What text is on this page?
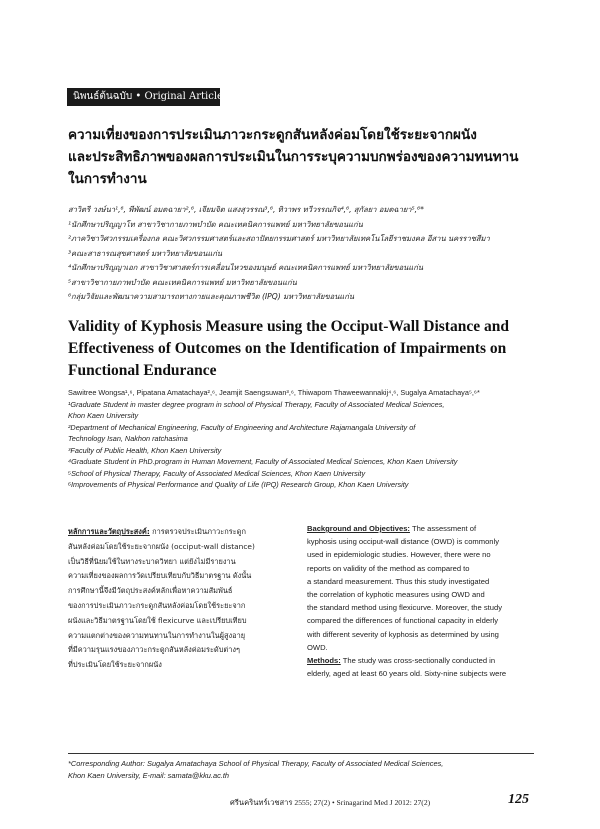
นิพนธ์ต้นฉบับ • Original Article
ความเที่ยงของการประเมินภาวะกระดูกสันหลังค่อมโดยใช้ระยะจากผนัง
และประสิทธิภาพของผลการประเมินในการระบุความบกพร่องของความทนทาน
ในการทำงาน
สาวิตรี วงษ์นา¹,⁶, พีพัฒน์ อมตฉายา²,⁶, เจียมจิต แสงสุวรรณ³,⁶, ทิวาพร ทวีวรรณกิจ⁴,⁶, สุกัลยา อมตฉายา⁵,⁶*
¹นักศึกษาปริญญาโท สาขาวิชากายภาพบำบัด คณะเทคนิคการแพทย์ มหาวิทยาลัยขอนแก่น
²ภาควิชาวิศวกรรมเครื่องกล คณะวิศวกรรมศาสตร์และสถาปัตยกรรมศาสตร์ มหาวิทยาลัยเทคโนโลยีราชมงคล อีสาน นครราชสีมา
³คณะสาธารณสุขศาสตร์ มหาวิทยาลัยขอนแก่น
⁴นักศึกษาปริญญาเอก สาขาวิชาศาสตร์การเคลื่อนไหวของมนุษย์ คณะเทคนิคการแพทย์ มหาวิทยาลัยขอนแก่น
⁵สาขาวิชากายภาพบำบัด คณะเทคนิคการแพทย์ มหาวิทยาลัยขอนแก่น
⁶กลุ่มวิจัยและพัฒนาความสามารถทางกายและคุณภาพชีวิต (IPQ) มหาวิทยาลัยขอนแก่น
Validity of Kyphosis Measure using the Occiput-Wall Distance and
Effectiveness of Outcomes on the Identification of Impairments on
Functional Endurance
Sawitree Wongsa¹,⁶, Pipatana Amatachaya²,⁶, Jeamjit Saengsuwan³,⁶, Thiwaporn Thaweewannakij⁴,⁶, Sugalya Amatachaya⁵,⁶*
¹Graduate Student in master degree program in school of Physical Therapy, Faculty of Associated Medical Sciences,
Khon Kaen University
²Department of Mechanical Engineering, Faculty of Engineering and Architecture Rajamangala University of
Technology Isan, Nakhon ratchasima
³Faculty of Public Health, Khon Kaen University
⁴Graduate Student in PhD.program in Human Movement, Faculty of Associated Medical Sciences, Khon Kaen University
⁵School of Physical Therapy, Faculty of Associated Medical Sciences, Khon Kaen University
⁶Improvements of Physical Performance and Quality of Life (IPQ) Research Group, Khon Kaen University
หลักการและวัตถุประสงค์: การตรวจประเมินภาวะกระดูก
สันหลังค่อมโดยใช้ระยะจากผนัง (occiput-wall distance)
เป็นวิธีที่นิยมใช้ในทางระบาดวิทยา แต่ยังไม่มีรายงาน
ความเที่ยงของผลการวัดเปรียบเทียบกับวิธีมาตรฐาน ดังนั้น
การศึกษานี้จึงมีวัตถุประสงค์หลักเพื่อหาความสัมพันธ์
ของการประเมินภาวะกระดูกสันหลังค่อมโดยใช้ระยะจาก
ผนังและวิธีมาตรฐานโดยใช้ flexicurve และเปรียบเทียบ
ความแตกต่างของความทนทานในการทำงานในผู้สูงอายุ
ที่มีความรุนแรงของภาวะกระดูกสันหลังค่อมระดับต่างๆ
ที่ประเมินโดยใช้ระยะจากผนัง
Background and Objectives: The assessment of
kyphosis using occiput-wall distance (OWD) is commonly
used in epidemiologic studies. However, there were no
reports on validity of the method as compared to
a standard measurement. Thus this study investigated
the correlation of kyphotic measures using OWD and
the standard method using flexicurve. Moreover, the study
compared the differences of functional capacity in elderly
with different severity of kyphosis as determined by using
OWD.
Methods: The study was cross-sectionally conducted in
elderly, aged at least 60 years old. Sixty-nine subjects were
*Corresponding Author: Sugalya Amatachaya School of Physical Therapy, Faculty of Associated Medical Sciences,
Khon Kaen University, E-mail: samata@kku.ac.th
ศรีนครินทร์เวชสาร 2555; 27(2) • Srinagarind Med J 2012: 27(2)	125
